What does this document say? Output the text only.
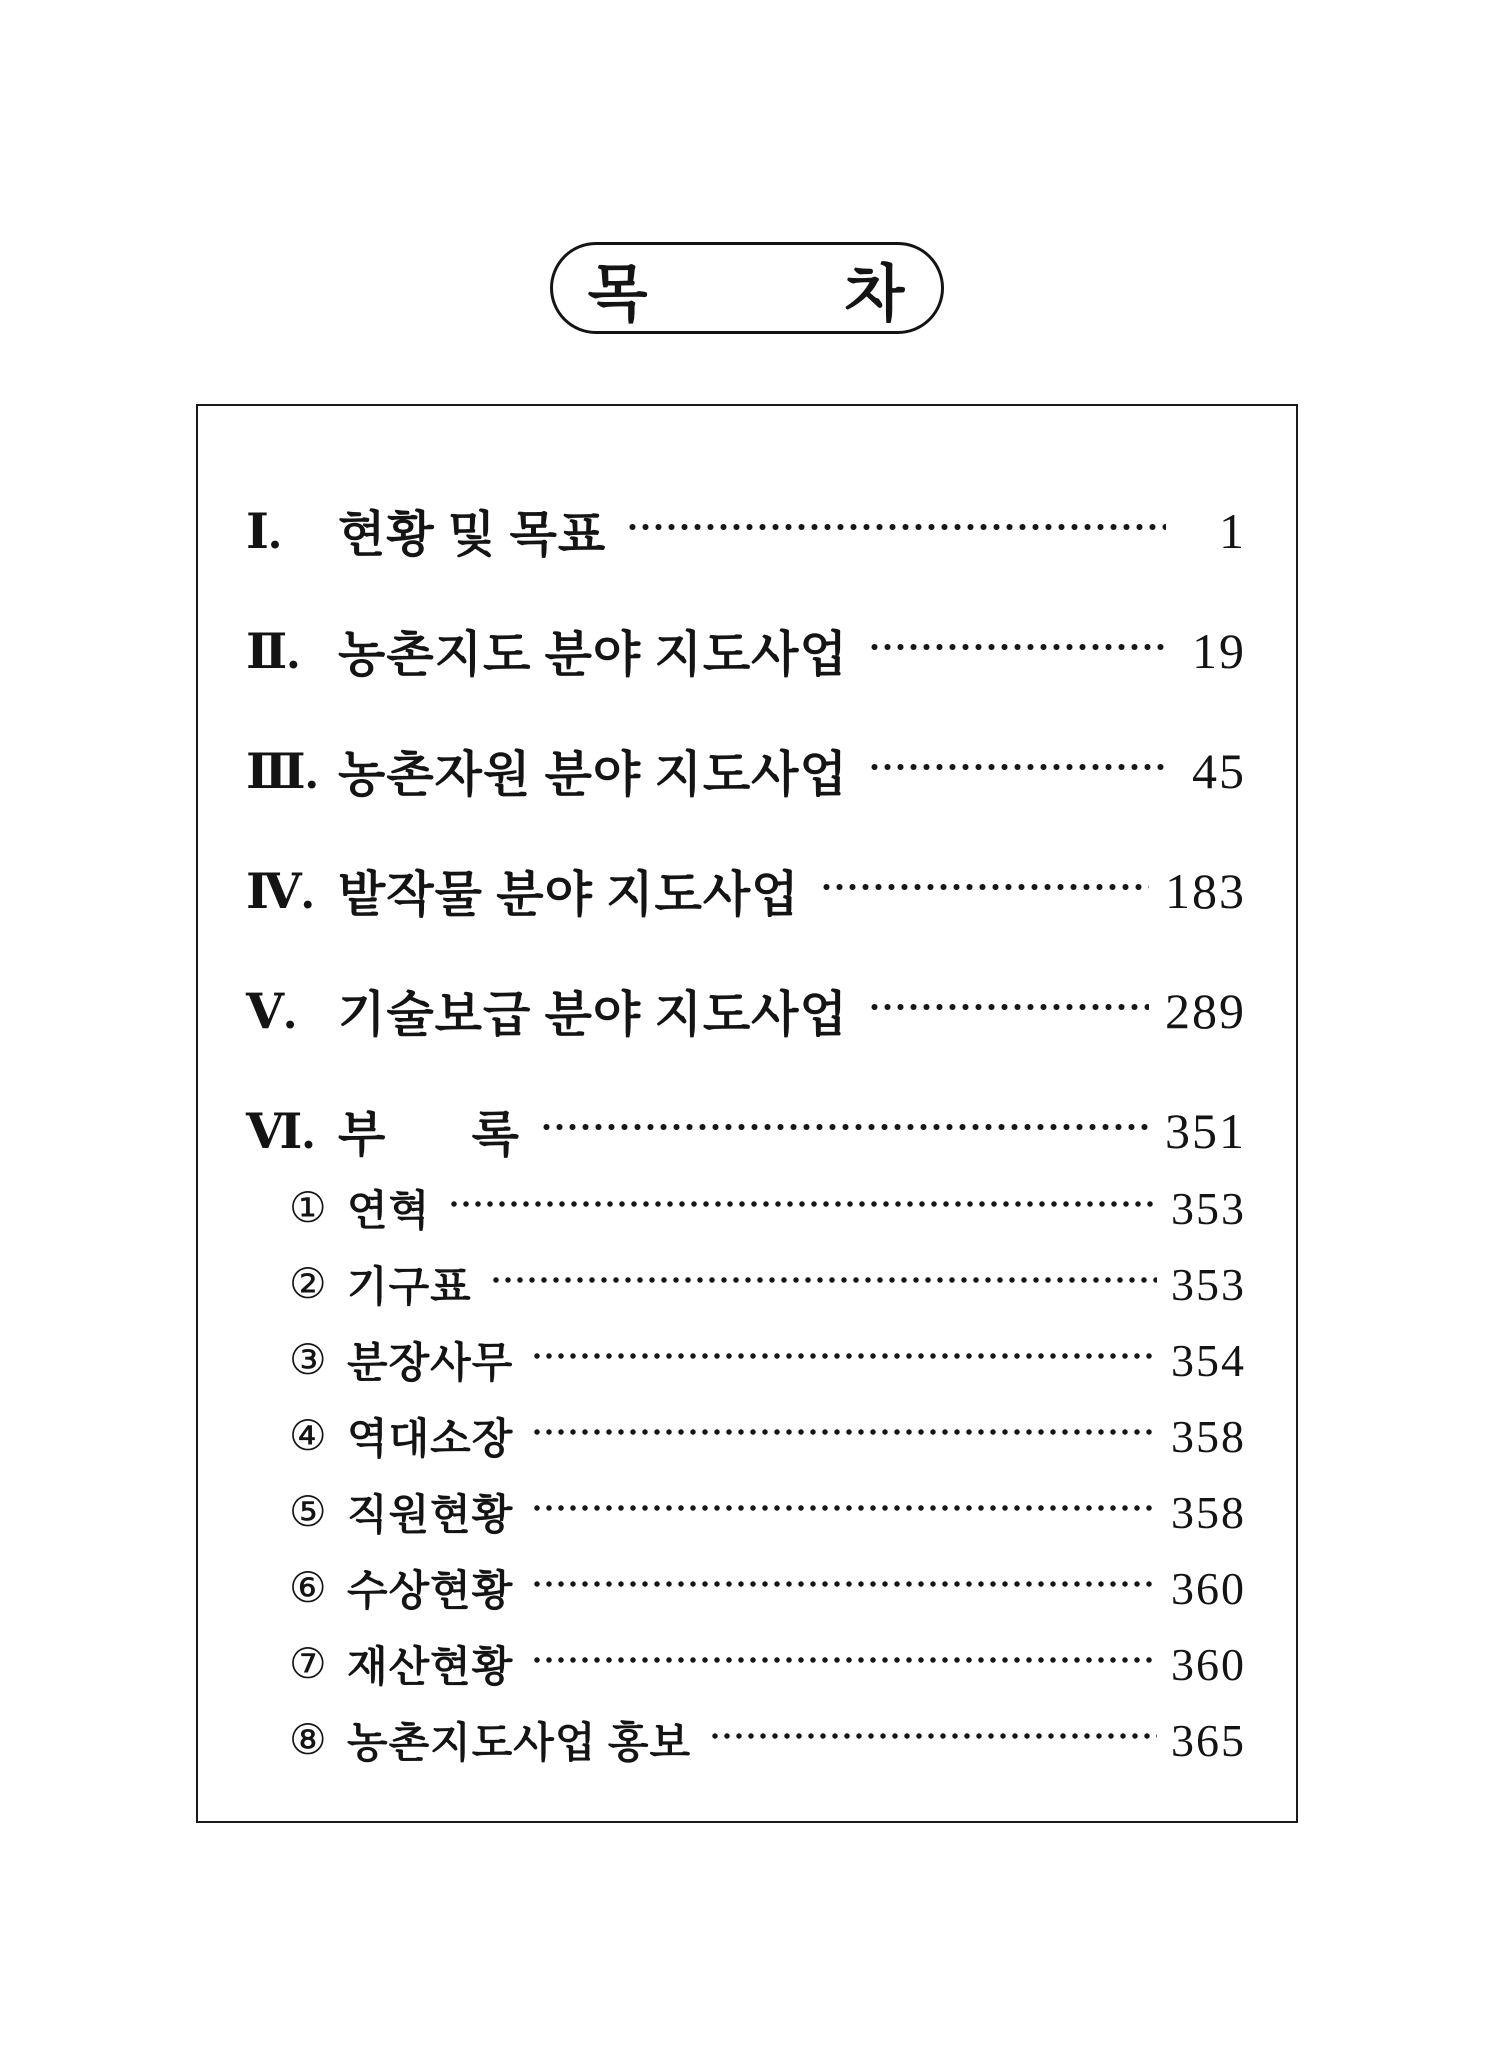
목  차
Ⅰ.	현황 및 목표	1
Ⅱ. 농촌지도 분야 지도사업	19
Ⅲ. 농촌자원 분야 지도사업	45
Ⅳ. 밭작물 분야 지도사업	183
Ⅴ. 기술보급 분야 지도사업	289
Ⅵ. 부 록	351
① 연혁	353
② 기구표	353
③ 분장사무	354
④ 역대소장	358
⑤ 직원현황	358
⑥ 수상현황	360
⑦ 재산현황	360
⑧ 농촌지도사업 홍보	365
